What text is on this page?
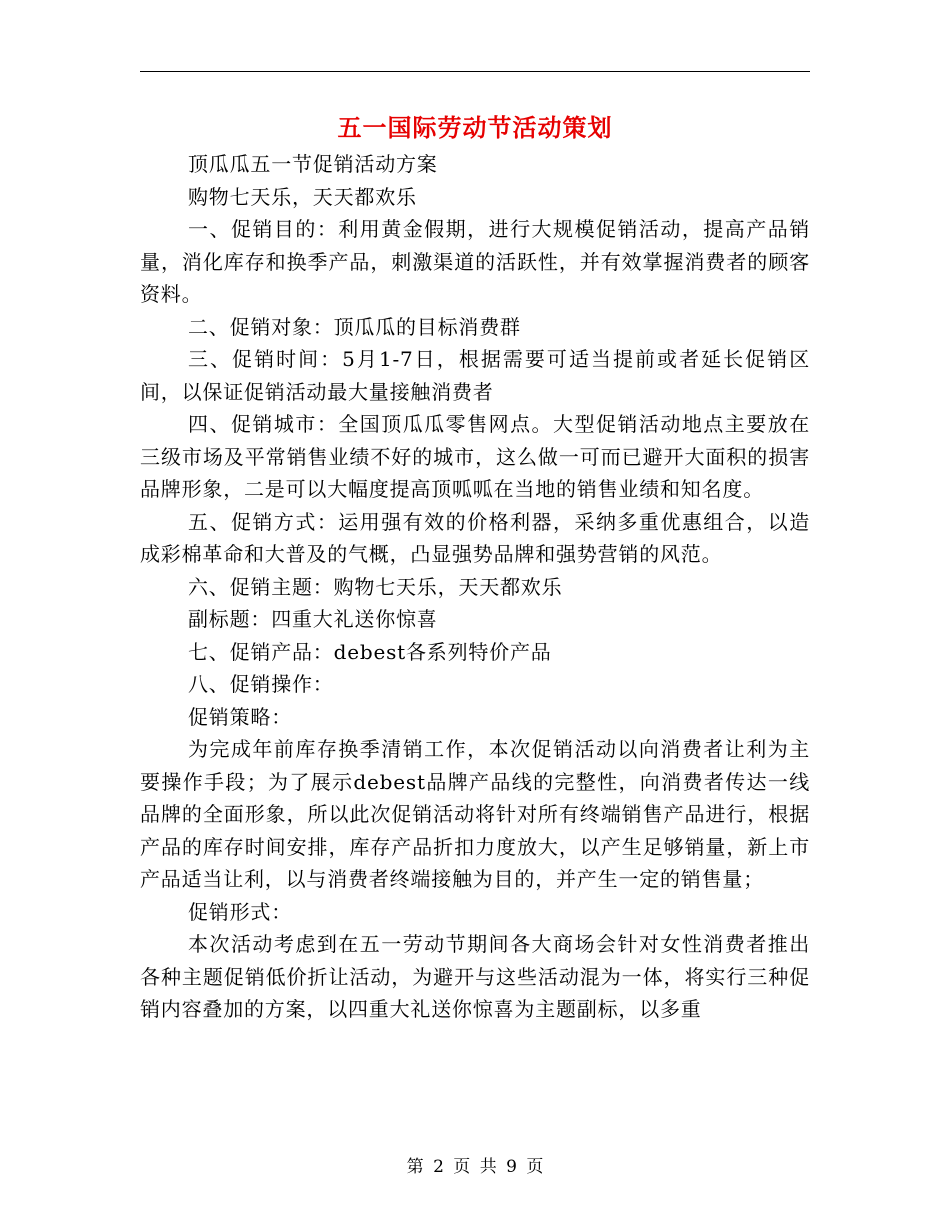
五一国际劳动节活动策划

顶瓜瓜五一节促销活动方案

购物七天乐，天天都欢乐

一、促销目的：利用黄金假期，进行大规模促销活动，提高产品销量，消化库存和换季产品，刺激渠道的活跃性，并有效掌握消费者的顾客资料。

二、促销对象：顶瓜瓜的目标消费群

三、促销时间：5月1-7日，根据需要可适当提前或者延长促销区间，以保证促销活动最大量接触消费者

四、促销城市：全国顶瓜瓜零售网点。大型促销活动地点主要放在三级市场及平常销售业绩不好的城市，这么做一可而已避开大面积的损害品牌形象，二是可以大幅度提高顶呱呱在当地的销售业绩和知名度。

五、促销方式：运用强有效的价格利器，采纳多重优惠组合，以造成彩棉革命和大普及的气概，凸显强势品牌和强势营销的风范。

六、促销主题：购物七天乐，天天都欢乐

副标题：四重大礼送你惊喜

七、促销产品：debest各系列特价产品

八、促销操作：

促销策略：

为完成年前库存换季清销工作，本次促销活动以向消费者让利为主要操作手段；为了展示debest品牌产品线的完整性，向消费者传达一线品牌的全面形象，所以此次促销活动将针对所有终端销售产品进行，根据产品的库存时间安排，库存产品折扣力度放大，以产生足够销量，新上市产品适当让利，以与消费者终端接触为目的，并产生一定的销售量；

促销形式：

本次活动考虑到在五一劳动节期间各大商场会针对女性消费者推出各种主题促销低价折让活动，为避开与这些活动混为一体，将实行三种促销内容叠加的方案，以四重大礼送你惊喜为主题副标，以多重

第 2 页 共 9 页
